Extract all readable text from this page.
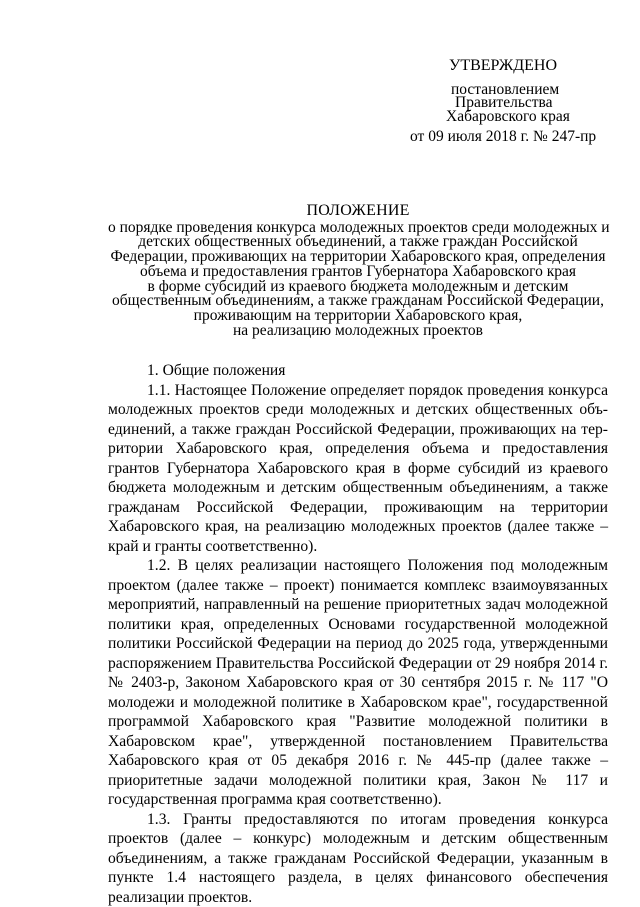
УТВЕРЖДЕНО
постановлением
Правительства
Хабаровского края
от 09 июля 2018 г. № 247-пр
ПОЛОЖЕНИЕ
о порядке проведения конкурса молодежных проектов среди молодежных и
детских общественных объединений, а также граждан Российской
Федерации, проживающих на территории Хабаровского края, определения
объема и предоставления грантов Губернатора Хабаровского края
в форме субсидий из краевого бюджета молодежным и детским
общественным объединениям, а также гражданам Российской Федерации,
проживающим на территории Хабаровского края,
на реализацию молодежных проектов

1. Общие положения

1.1. Настоящее Положение определяет порядок проведения конкурса молодежных проектов среди молодежных и детских общественных объединений, а также граждан Российской Федерации, проживающих на территории Хабаровского края, определения объема и предоставления грантов Губернатора Хабаровского края в форме субсидий из краевого бюджета молодежным и детским общественным объединениям, а также гражданам Российской Федерации, проживающим на территории Хабаровского края, на реализацию молодежных проектов (далее также – край и гранты соответственно).

1.2. В целях реализации настоящего Положения под молодежным проектом (далее также – проект) понимается комплекс взаимоувязанных мероприятий, направленный на решение приоритетных задач молодежной политики края, определенных Основами государственной молодежной политики Российской Федерации на период до 2025 года, утвержденными распоряжением Правительства Российской Федерации от 29 ноября 2014 г. № 2403-р, Законом Хабаровского края от 30 сентября 2015 г. № 117 "О молодежи и молодежной политике в Хабаровском крае", государственной программой Хабаровского края "Развитие молодежной политики в Хабаровском крае", утвержденной постановлением Правительства Хабаровского края от 05 декабря 2016 г. № 445-пр (далее также – приоритетные задачи молодежной политики края, Закон № 117 и государственная программа края соответственно).

1.3. Гранты предоставляются по итогам проведения конкурса проектов (далее – конкурс) молодежным и детским общественным объединениям, а также гражданам Российской Федерации, указанным в пункте 1.4 настоящего раздела, в целях финансового обеспечения реализации проектов.
